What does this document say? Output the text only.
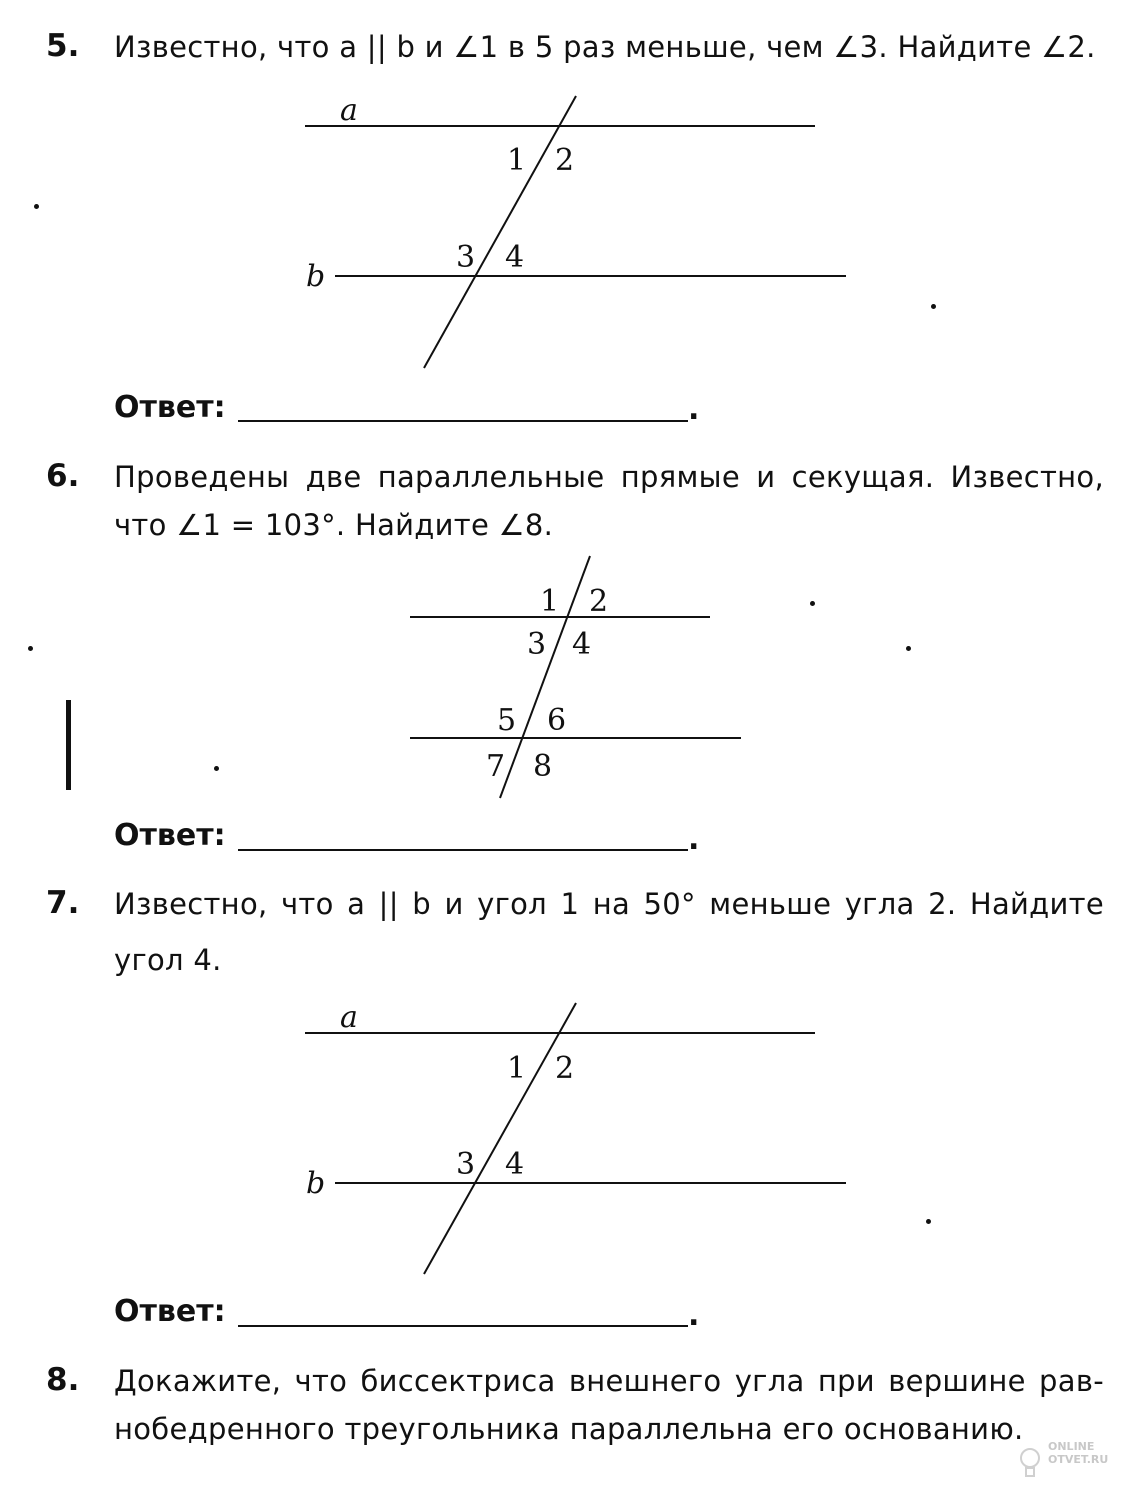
5. Известно, что a || b и ∠1 в 5 раз меньше, чем ∠3. Найдите ∠2.
a
b
1 2
3 4
Ответ:	.
6. Проведены две параллельные прямые и секущая. Известно,
что ∠1 = 103°. Найдите ∠8.
1 2
3 4
5 6
7 8
Ответ:	.
7. Известно, что a || b и угол 1 на 50° меньше угла 2. Найдите
угол 4.
a
b
1 2
3 4
Ответ:	.
8. Докажите, что биссектриса внешнего угла при вершине рав-
нобедренного треугольника параллельна его основанию.
ONLINE
OTVET.RU
